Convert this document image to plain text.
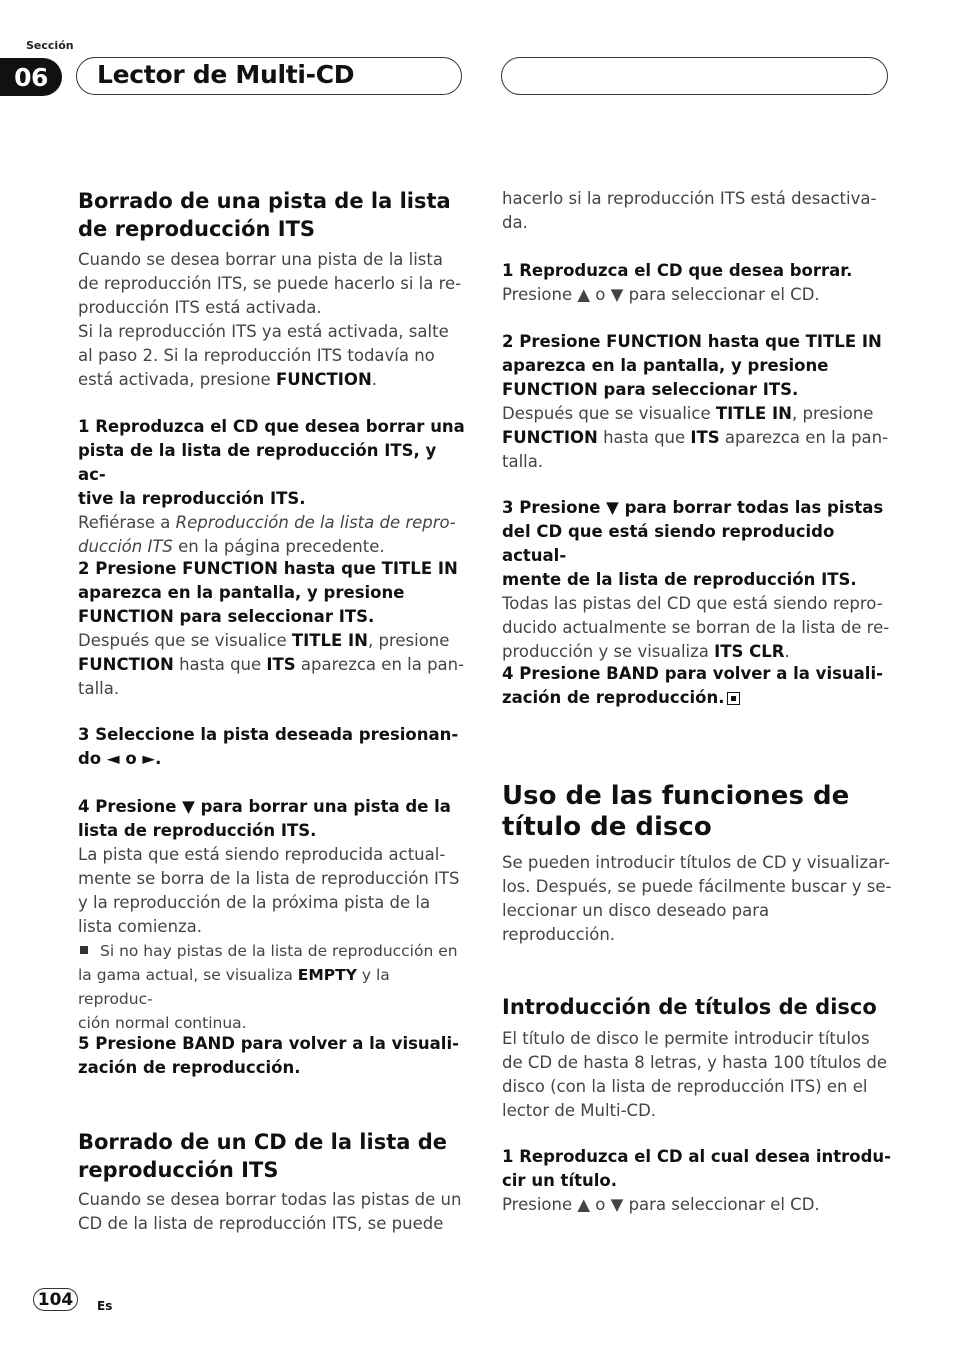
Sección
06	Lector de Multi-CD
Borrado de una pista de la lista
de reproducción ITS
Cuando se desea borrar una pista de la lista
de reproducción ITS, se puede hacerlo si la re-
producción ITS está activada.
Si la reproducción ITS ya está activada, salte
al paso 2. Si la reproducción ITS todavía no
está activada, presione FUNCTION.
1 Reproduzca el CD que desea borrar una
pista de la lista de reproducción ITS, y ac-
tive la reproducción ITS.
Refiérase a Reproducción de la lista de repro-
ducción ITS en la página precedente.
2 Presione FUNCTION hasta que TITLE IN
aparezca en la pantalla, y presione
FUNCTION para seleccionar ITS.
Después que se visualice TITLE IN, presione
FUNCTION hasta que ITS aparezca en la pan-
talla.
3 Seleccione la pista deseada presionan-
do ◄ o ►.
4 Presione ▼ para borrar una pista de la
lista de reproducción ITS.
La pista que está siendo reproducida actual-
mente se borra de la lista de reproducción ITS
y la reproducción de la próxima pista de la
lista comienza.
Si no hay pistas de la lista de reproducción en
la gama actual, se visualiza EMPTY y la reproduc-
ción normal continua.
5 Presione BAND para volver a la visuali-
zación de reproducción.
Borrado de un CD de la lista de
reproducción ITS
Cuando se desea borrar todas las pistas de un
CD de la lista de reproducción ITS, se puede
hacerlo si la reproducción ITS está desactiva-
da.
1 Reproduzca el CD que desea borrar.
Presione ▲ o ▼ para seleccionar el CD.
2 Presione FUNCTION hasta que TITLE IN
aparezca en la pantalla, y presione
FUNCTION para seleccionar ITS.
Después que se visualice TITLE IN, presione
FUNCTION hasta que ITS aparezca en la pan-
talla.
3 Presione ▼ para borrar todas las pistas
del CD que está siendo reproducido actual-
mente de la lista de reproducción ITS.
Todas las pistas del CD que está siendo repro-
ducido actualmente se borran de la lista de re-
producción y se visualiza ITS CLR.
4 Presione BAND para volver a la visuali-
zación de reproducción.
Uso de las funciones de
título de disco
Se pueden introducir títulos de CD y visualizar-
los. Después, se puede fácilmente buscar y se-
leccionar un disco deseado para
reproducción.
Introducción de títulos de disco
El título de disco le permite introducir títulos
de CD de hasta 8 letras, y hasta 100 títulos de
disco (con la lista de reproducción ITS) en el
lector de Multi-CD.
1 Reproduzca el CD al cual desea introdu-
cir un título.
Presione ▲ o ▼ para seleccionar el CD.
104	Es
